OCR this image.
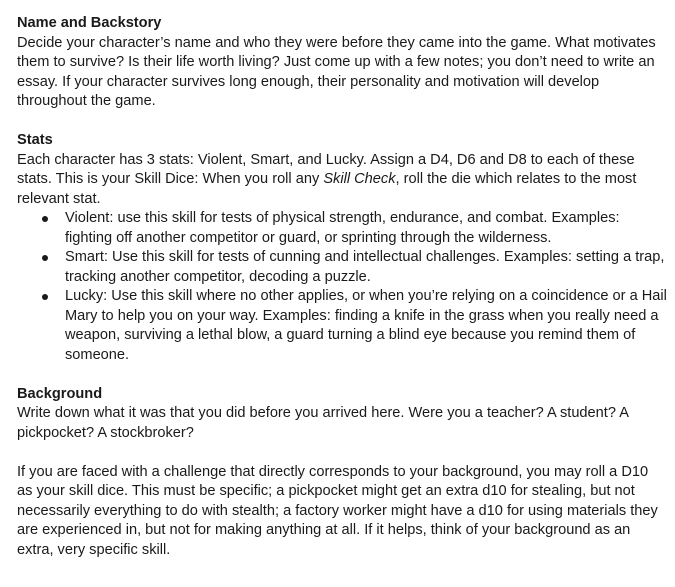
Name and Backstory

Decide your character’s name and who they were before they came into the game. What motivates them to survive? Is their life worth living? Just come up with a few notes; you don’t need to write an essay. If your character survives long enough, their personality and motivation will develop throughout the game.

Stats

Each character has 3 stats: Violent, Smart, and Lucky. Assign a D4, D6 and D8 to each of these stats. This is your Skill Dice: When you roll any Skill Check, roll the die which relates to the most relevant stat.

Violent: use this skill for tests of physical strength, endurance, and combat. Examples: fighting off another competitor or guard, or sprinting through the wilderness.
Smart: Use this skill for tests of cunning and intellectual challenges. Examples: setting a trap, tracking another competitor, decoding a puzzle.
Lucky: Use this skill where no other applies, or when you’re relying on a coincidence or a Hail Mary to help you on your way. Examples: finding a knife in the grass when you really need a weapon, surviving a lethal blow, a guard turning a blind eye because you remind them of someone.

Background

Write down what it was that you did before you arrived here. Were you a teacher? A student? A pickpocket? A stockbroker?

If you are faced with a challenge that directly corresponds to your background, you may roll a D10 as your skill dice. This must be specific; a pickpocket might get an extra d10 for stealing, but not necessarily everything to do with stealth; a factory worker might have a d10 for using materials they are experienced in, but not for making anything at all. If it helps, think of your background as an extra, very specific skill.
